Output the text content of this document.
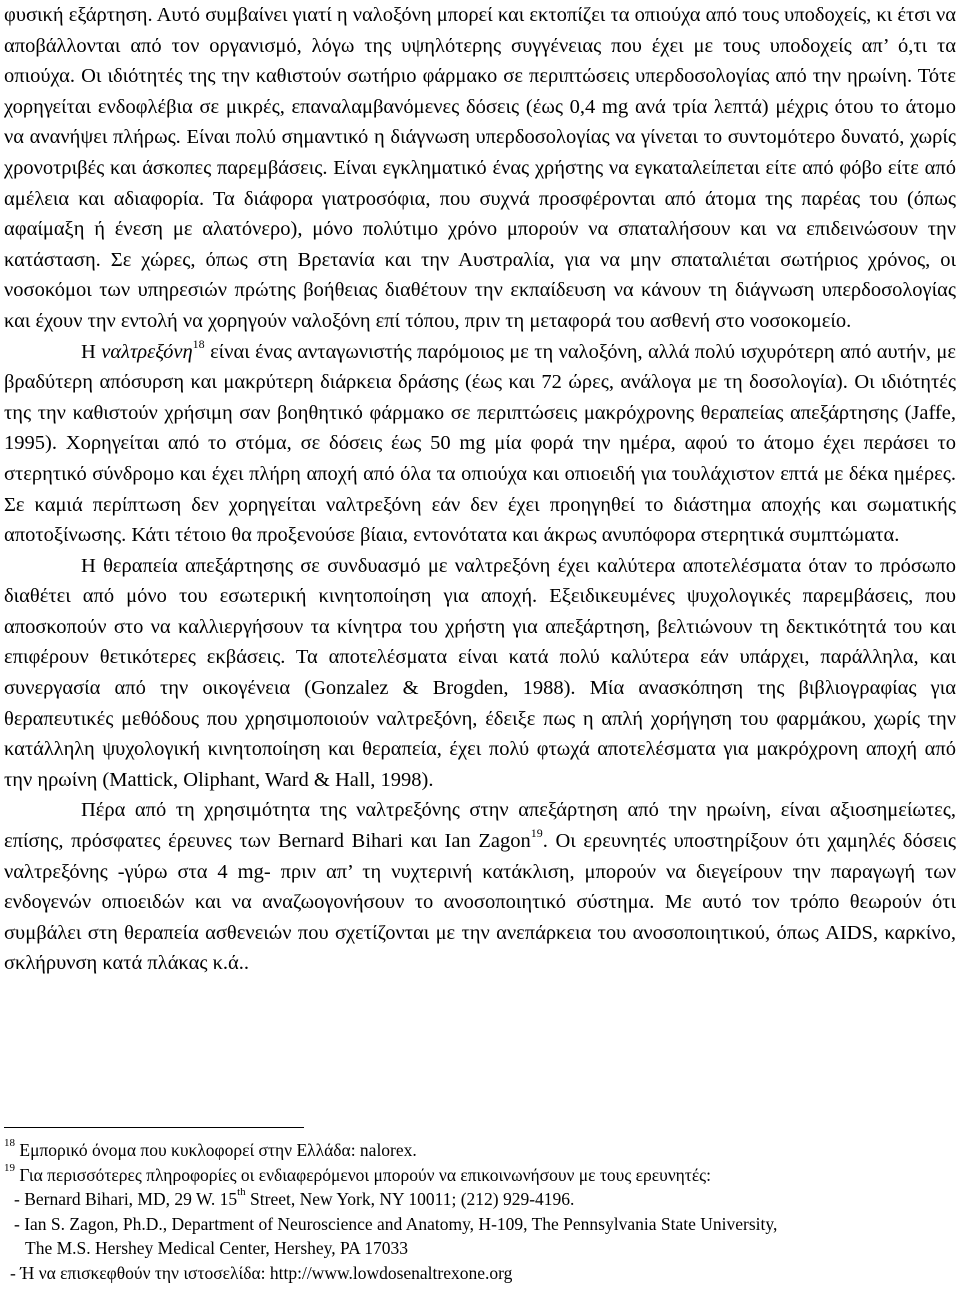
φυσική εξάρτηση. Αυτό συμβαίνει γιατί η ναλοξόνη μπορεί και εκτοπίζει τα οπιούχα από τους υποδοχείς, κι έτσι να αποβάλλονται από τον οργανισμό, λόγω της υψηλότερης συγγένειας που έχει με τους υποδοχείς απ’ ό,τι τα οπιούχα. Οι ιδιότητές της την καθιστούν σωτήριο φάρμακο σε περιπτώσεις υπερδοσολογίας από την ηρωίνη. Τότε χορηγείται ενδοφλέβια σε μικρές, επαναλαμβανόμενες δόσεις (έως 0,4 mg ανά τρία λεπτά) μέχρις ότου το άτομο να ανανήψει πλήρως. Είναι πολύ σημαντικό η διάγνωση υπερδοσολογίας να γίνεται το συντομότερο δυνατό, χωρίς χρονοτριβές και άσκοπες παρεμβάσεις. Είναι εγκληματικό ένας χρήστης να εγκαταλείπεται είτε από φόβο είτε από αμέλεια και αδιαφορία. Τα διάφορα γιατροσόφια, που συχνά προσφέρονται από άτομα της παρέας του (όπως αφαίμαξη ή ένεση με αλατόνερο), μόνο πολύτιμο χρόνο μπορούν να σπαταλήσουν και να επιδεινώσουν την κατάσταση. Σε χώρες, όπως στη Βρετανία και την Αυστραλία, για να μην σπαταλιέται σωτήριος χρόνος, οι νοσοκόμοι των υπηρεσιών πρώτης βοήθειας διαθέτουν την εκπαίδευση να κάνουν τη διάγνωση υπερδοσολογίας και έχουν την εντολή να χορηγούν ναλοξόνη επί τόπου, πριν τη μεταφορά του ασθενή στο νοσοκομείο.

Η ναλτρεξόνη$^{18}$ είναι ένας ανταγωνιστής παρόμοιος με τη ναλοξόνη, αλλά πολύ ισχυρότερη από αυτήν, με βραδύτερη απόσυρση και μακρύτερη διάρκεια δράσης (έως και 72 ώρες, ανάλογα με τη δοσολογία). Οι ιδιότητές της την καθιστούν χρήσιμη σαν βοηθητικό φάρμακο σε περιπτώσεις μακρόχρονης θεραπείας απεξάρτησης (Jaffe, 1995). Χορηγείται από το στόμα, σε δόσεις έως 50 mg μία φορά την ημέρα, αφού το άτομο έχει περάσει το στερητικό σύνδρομο και έχει πλήρη αποχή από όλα τα οπιούχα και οπιοειδή για τουλάχιστον επτά με δέκα ημέρες. Σε καμιά περίπτωση δεν χορηγείται ναλτρεξόνη εάν δεν έχει προηγηθεί το διάστημα αποχής και σωματικής αποτοξίνωσης. Κάτι τέτοιο θα προξενούσε βίαια, εντονότατα και άκρως ανυπόφορα στερητικά συμπτώματα.

Η θεραπεία απεξάρτησης σε συνδυασμό με ναλτρεξόνη έχει καλύτερα αποτελέσματα όταν το πρόσωπο διαθέτει από μόνο του εσωτερική κινητοποίηση για αποχή. Εξειδικευμένες ψυχολογικές παρεμβάσεις, που αποσκοπούν στο να καλλιεργήσουν τα κίνητρα του χρήστη για απεξάρτηση, βελτιώνουν τη δεκτικότητά του και επιφέρουν θετικότερες εκβάσεις. Τα αποτελέσματα είναι κατά πολύ καλύτερα εάν υπάρχει, παράλληλα, και συνεργασία από την οικογένεια (Gonzalez & Brogden, 1988). Μία ανασκόπηση της βιβλιογραφίας για θεραπευτικές μεθόδους που χρησιμοποιούν ναλτρεξόνη, έδειξε πως η απλή χορήγηση του φαρμάκου, χωρίς την κατάλληλη ψυχολογική κινητοποίηση και θεραπεία, έχει πολύ φτωχά αποτελέσματα για μακρόχρονη αποχή από την ηρωίνη (Mattick, Oliphant, Ward & Hall, 1998).

Πέρα από τη χρησιμότητα της ναλτρεξόνης στην απεξάρτηση από την ηρωίνη, είναι αξιοσημείωτες, επίσης, πρόσφατες έρευνες των Bernard Bihari και Ian Zagon$^{19}$. Οι ερευνητές υποστηρίξουν ότι χαμηλές δόσεις ναλτρεξόνης -γύρω στα 4 mg- πριν απ’ τη νυχτερινή κατάκλιση, μπορούν να διεγείρουν την παραγωγή των ενδογενών οπιοειδών και να αναζωογονήσουν το ανοσοποιητικό σύστημα. Με αυτό τον τρόπο θεωρούν ότι συμβάλει στη θεραπεία ασθενειών που σχετίζονται με την ανεπάρκεια του ανοσοποιητικού, όπως AIDS, καρκίνο, σκλήρυνση κατά πλάκας κ.ά..

$^{18}$ Εμπορικό όνομα που κυκλοφορεί στην Ελλάδα: nalorex.

$^{19}$ Για περισσότερες πληροφορίες οι ενδιαφερόμενοι μπορούν να επικοινωνήσουν με τους ερευνητές:

- Bernard Bihari, MD, 29 W. 15th Street, New York, NY 10011; (212) 929-4196.

- Ian S. Zagon, Ph.D., Department of Neuroscience and Anatomy, H-109, The Pennsylvania State University,

The M.S. Hershey Medical Center, Hershey, PA 17033

- Ή να επισκεφθούν την ιστοσελίδα: http://www.lowdosenaltrexone.org
